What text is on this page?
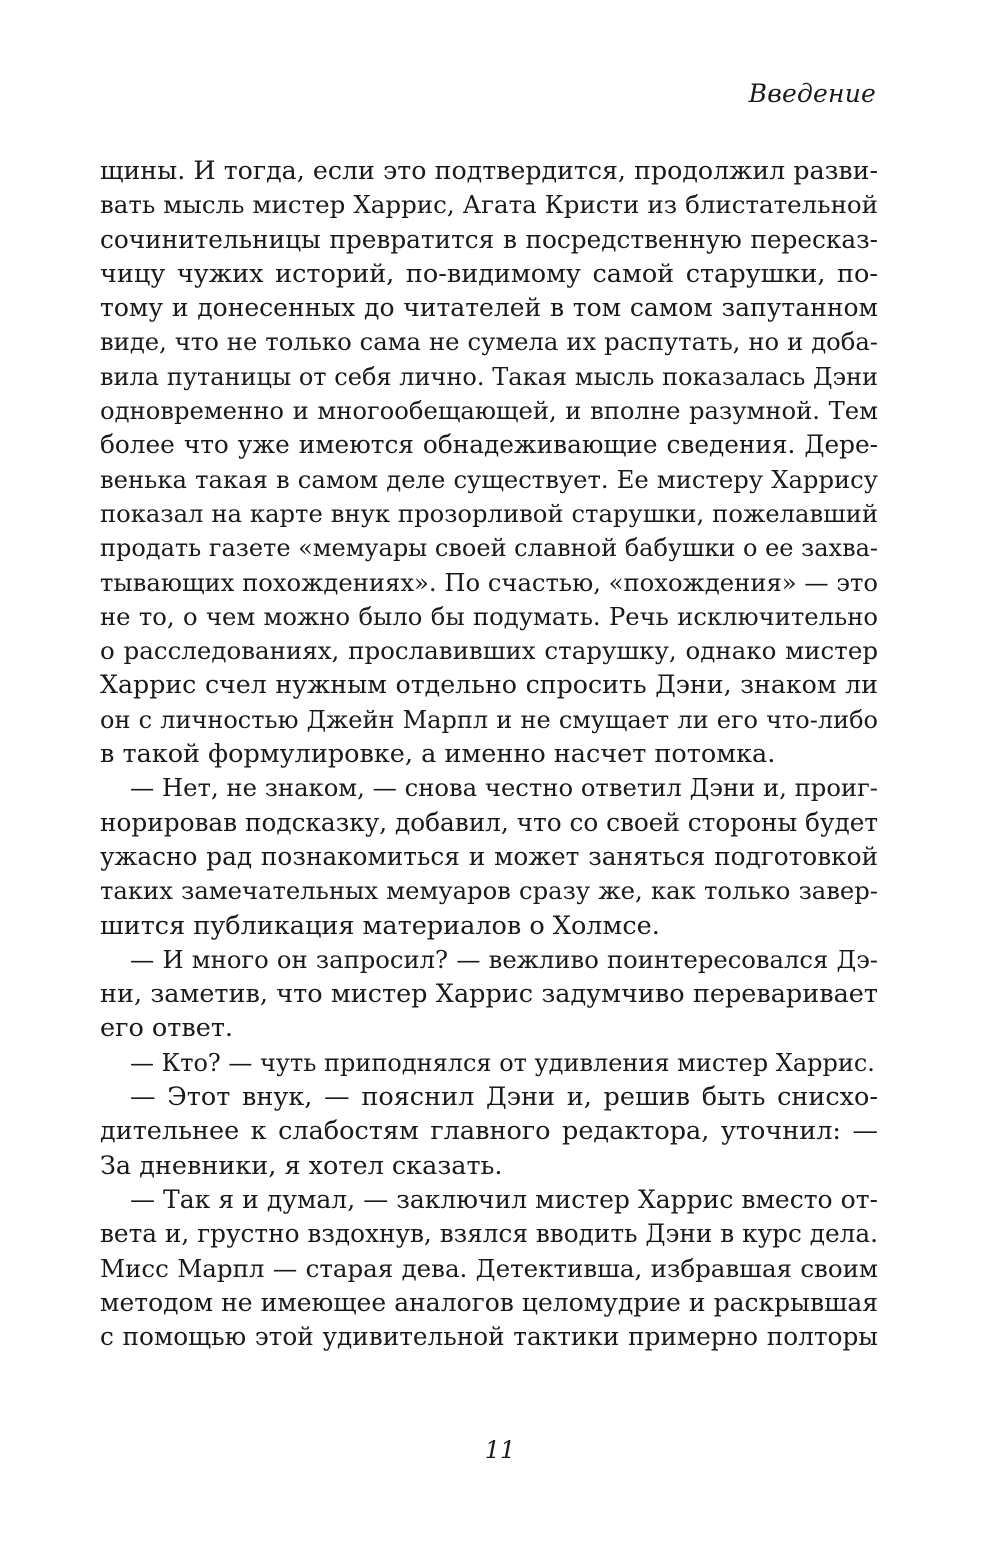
Введение
щины. И тогда, если это подтвердится, продолжил разви-
вать мысль мистер Харрис, Агата Кристи из блистательной
сочинительницы превратится в посредственную пересказ-
чицу чужих историй, по-видимому самой старушки, по-
тому и донесенных до читателей в том самом запутанном
виде, что не только сама не сумела их распутать, но и доба-
вила путаницы от себя лично. Такая мысль показалась Дэни
одновременно и многообещающей, и вполне разумной. Тем
более что уже имеются обнадеживающие сведения. Дере-
венька такая в самом деле существует. Ее мистеру Харрису
показал на карте внук прозорливой старушки, пожелавший
продать газете «мемуары своей славной бабушки о ее захва-
тывающих похождениях». По счастью, «похождения» — это
не то, о чем можно было бы подумать. Речь исключительно
о расследованиях, прославивших старушку, однако мистер
Харрис счел нужным отдельно спросить Дэни, знаком ли
он с личностью Джейн Марпл и не смущает ли его что-либо
в такой формулировке, а именно насчет потомка.
— Нет, не знаком, — снова честно ответил Дэни и, проиг-
норировав подсказку, добавил, что со своей стороны будет
ужасно рад познакомиться и может заняться подготовкой
таких замечательных мемуаров сразу же, как только завер-
шится публикация материалов о Холмсе.
— И много он запросил? — вежливо поинтересовался Дэ-
ни, заметив, что мистер Харрис задумчиво переваривает
его ответ.
— Кто? — чуть приподнялся от удивления мистер Харрис.
— Этот внук, — пояснил Дэни и, решив быть снисхо-
дительнее к слабостям главного редактора, уточнил: —
За дневники, я хотел сказать.
— Так я и думал, — заключил мистер Харрис вместо от-
вета и, грустно вздохнув, взялся вводить Дэни в курс дела.
Мисс Марпл — старая дева. Детективша, избравшая своим
методом не имеющее аналогов целомудрие и раскрывшая
с помощью этой удивительной тактики примерно полторы
11
